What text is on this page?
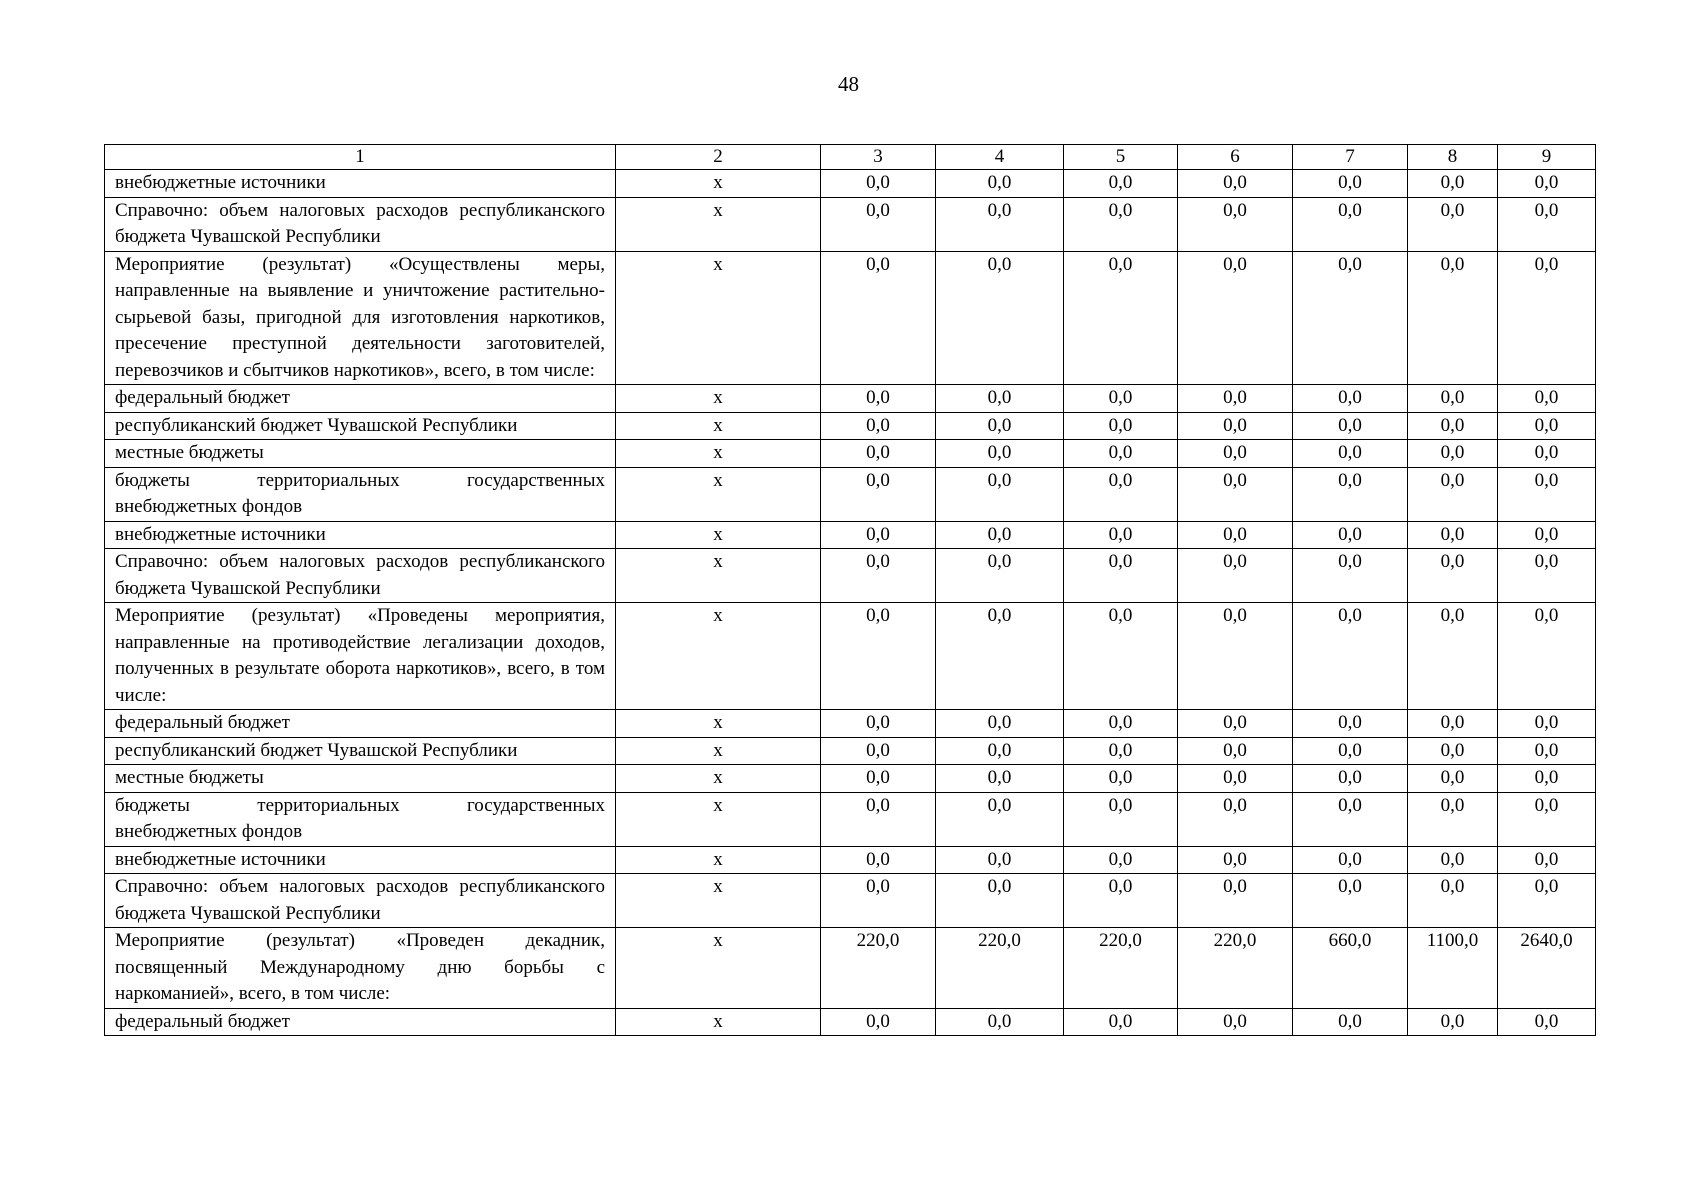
48
1	2	3	4	5	6	7	8	9
внебюджетные источники	х	0,0	0,0	0,0	0,0	0,0	0,0	0,0
Справочно: объем налоговых расходов республиканского бюджета Чувашской Республики	х	0,0	0,0	0,0	0,0	0,0	0,0	0,0
Мероприятие (результат) «Осуществлены меры, направленные на выявление и уничтожение растительно-сырьевой базы, пригодной для изготовления наркотиков, пресечение преступной деятельности заготовителей, перевозчиков и сбытчиков наркотиков», всего, в том числе:	х	0,0	0,0	0,0	0,0	0,0	0,0	0,0
федеральный бюджет	х	0,0	0,0	0,0	0,0	0,0	0,0	0,0
республиканский бюджет Чувашской Республики	х	0,0	0,0	0,0	0,0	0,0	0,0	0,0
местные бюджеты	х	0,0	0,0	0,0	0,0	0,0	0,0	0,0
бюджеты территориальных государственных внебюджетных фондов	х	0,0	0,0	0,0	0,0	0,0	0,0	0,0
внебюджетные источники	х	0,0	0,0	0,0	0,0	0,0	0,0	0,0
Справочно: объем налоговых расходов республиканского бюджета Чувашской Республики	х	0,0	0,0	0,0	0,0	0,0	0,0	0,0
Мероприятие (результат) «Проведены мероприятия, направленные на противодействие легализации доходов, полученных в результате оборота наркотиков», всего, в том числе:	х	0,0	0,0	0,0	0,0	0,0	0,0	0,0
федеральный бюджет	х	0,0	0,0	0,0	0,0	0,0	0,0	0,0
республиканский бюджет Чувашской Республики	х	0,0	0,0	0,0	0,0	0,0	0,0	0,0
местные бюджеты	х	0,0	0,0	0,0	0,0	0,0	0,0	0,0
бюджеты территориальных государственных внебюджетных фондов	х	0,0	0,0	0,0	0,0	0,0	0,0	0,0
внебюджетные источники	х	0,0	0,0	0,0	0,0	0,0	0,0	0,0
Справочно: объем налоговых расходов республиканского бюджета Чувашской Республики	х	0,0	0,0	0,0	0,0	0,0	0,0	0,0
Мероприятие (результат) «Проведен декадник, посвященный Международному дню борьбы с наркоманией», всего, в том числе:	х	220,0	220,0	220,0	220,0	660,0	1100,0	2640,0
федеральный бюджет	х	0,0	0,0	0,0	0,0	0,0	0,0	0,0
